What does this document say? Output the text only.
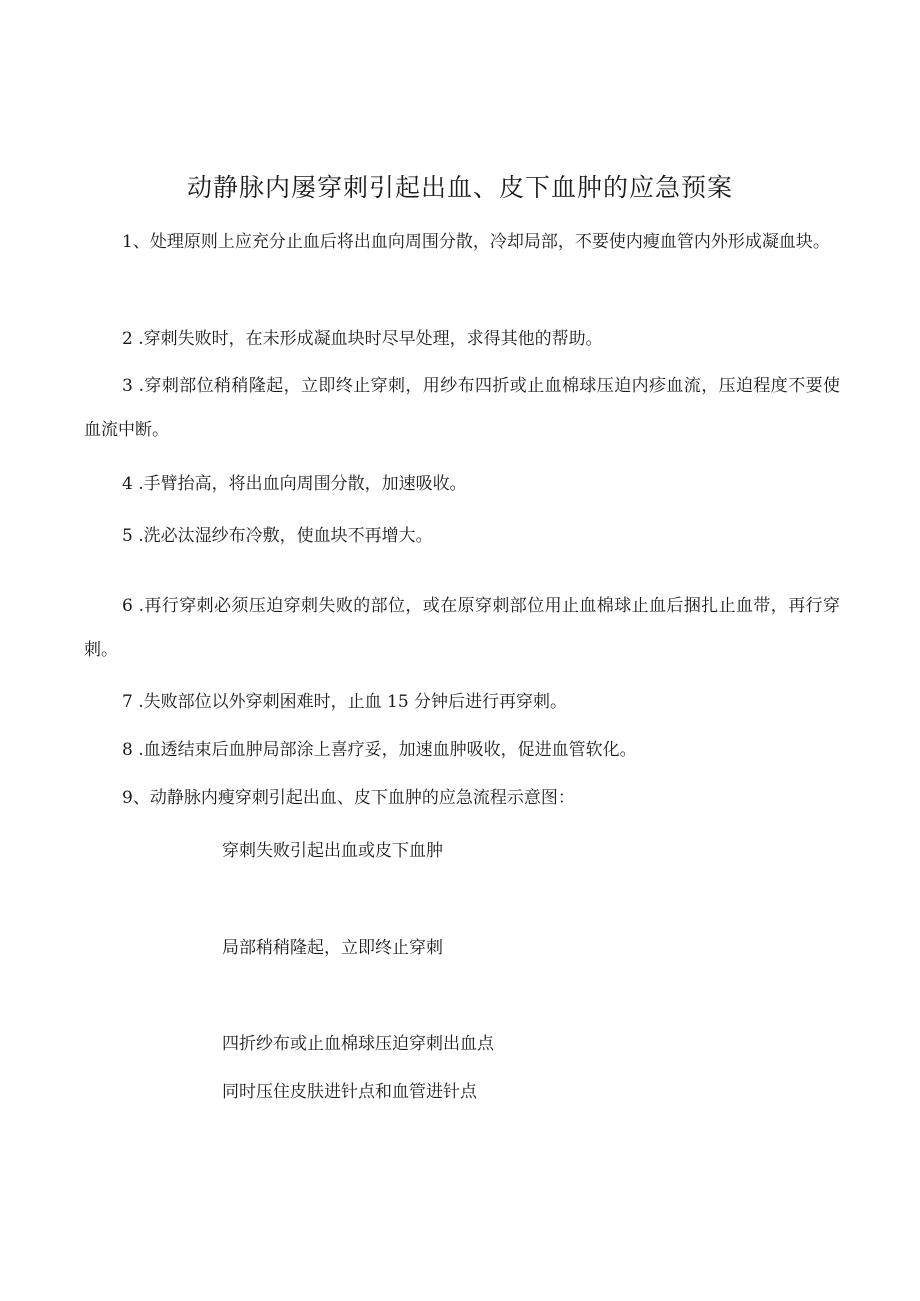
动静脉内屡穿刺引起出血、皮下血肿的应急预案

1、处理原则上应充分止血后将出血向周围分散，冷却局部，不要使内瘦血管内外形成凝血块。

2 .穿刺失败时，在未形成凝血块时尽早处理，求得其他的帮助。

3 .穿刺部位稍稍隆起，立即终止穿刺，用纱布四折或止血棉球压迫内疹血流，压迫程度不要使血流中断。

4 .手臂抬高，将出血向周围分散，加速吸收。

5 .洗必汰湿纱布冷敷，使血块不再增大。

6 .再行穿刺必须压迫穿刺失败的部位，或在原穿刺部位用止血棉球止血后捆扎止血带，再行穿刺。

7 .失败部位以外穿刺困难时，止血 15 分钟后进行再穿刺。

8 .血透结束后血肿局部涂上喜疗妥，加速血肿吸收，促进血管软化。

9、动静脉内瘦穿刺引起出血、皮下血肿的应急流程示意图：

穿刺失败引起出血或皮下血肿

局部稍稍隆起，立即终止穿刺

四折纱布或止血棉球压迫穿刺出血点

同时压住皮肤进针点和血管进针点
